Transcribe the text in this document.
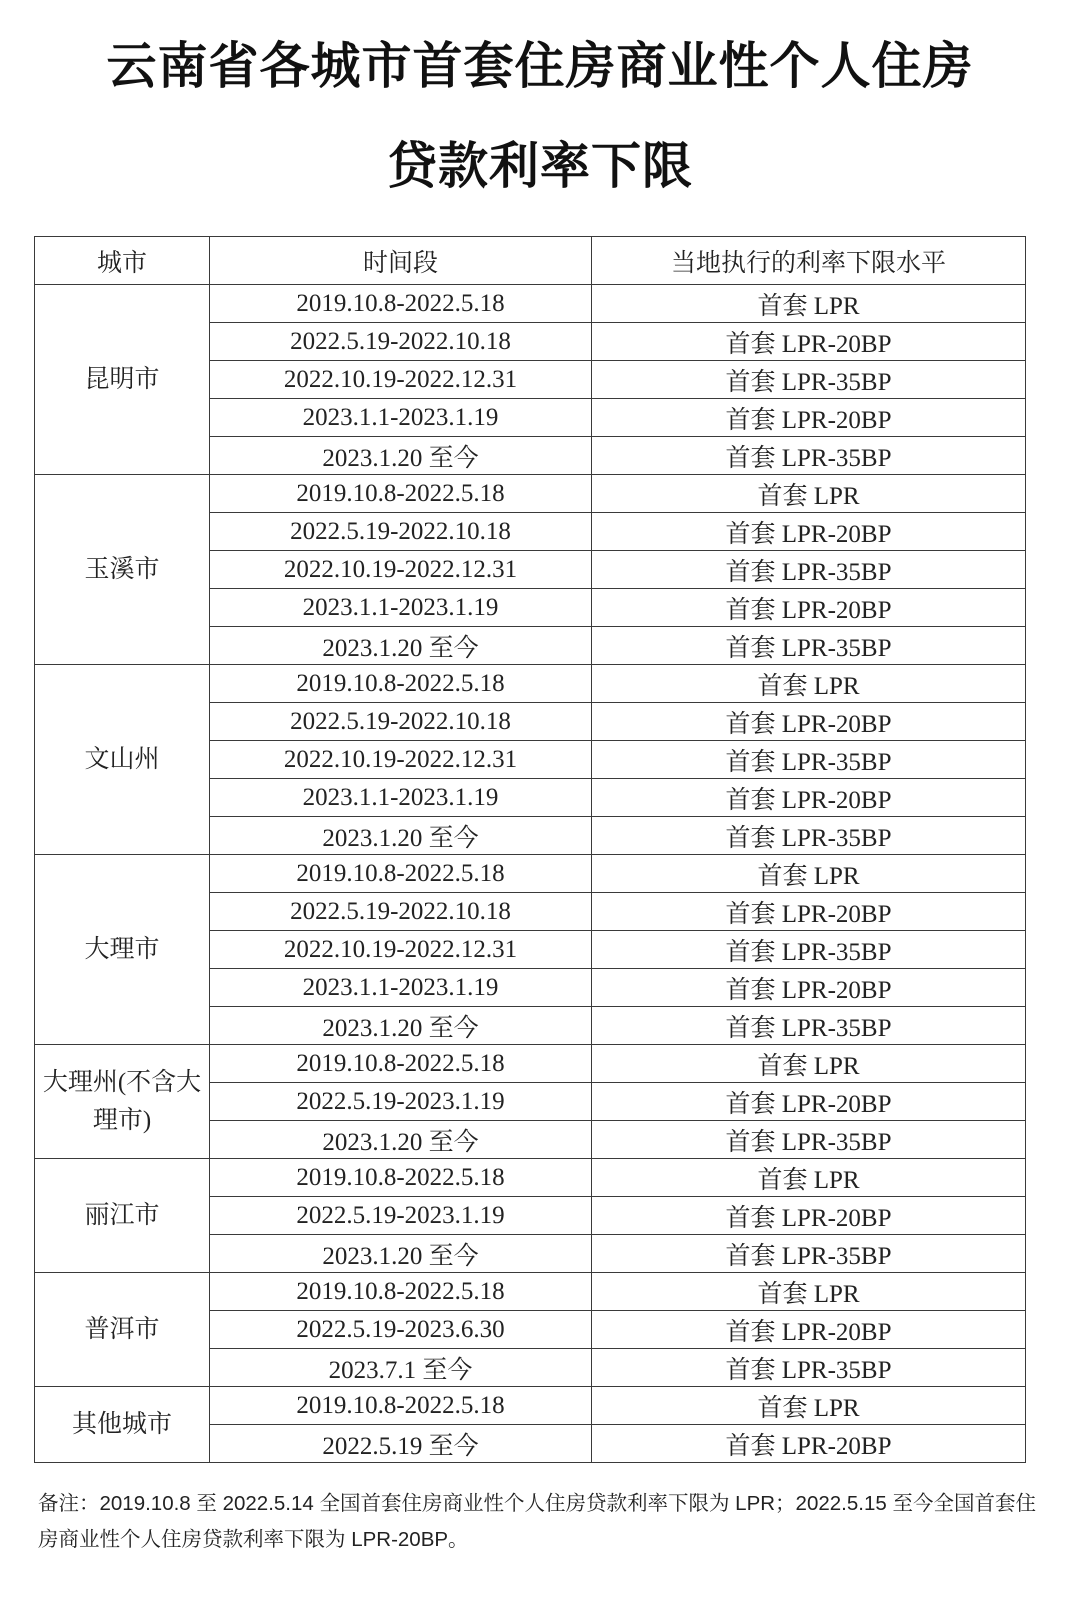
云南省各城市首套住房商业性个人住房
贷款利率下限
城市	时间段	当地执行的利率下限水平
昆明市	2019.10.8-2022.5.18	首套 LPR
	2022.5.19-2022.10.18	首套 LPR-20BP
	2022.10.19-2022.12.31	首套 LPR-35BP
	2023.1.1-2023.1.19	首套 LPR-20BP
	2023.1.20 至今	首套 LPR-35BP
玉溪市	2019.10.8-2022.5.18	首套 LPR
	2022.5.19-2022.10.18	首套 LPR-20BP
	2022.10.19-2022.12.31	首套 LPR-35BP
	2023.1.1-2023.1.19	首套 LPR-20BP
	2023.1.20 至今	首套 LPR-35BP
文山州	2019.10.8-2022.5.18	首套 LPR
	2022.5.19-2022.10.18	首套 LPR-20BP
	2022.10.19-2022.12.31	首套 LPR-35BP
	2023.1.1-2023.1.19	首套 LPR-20BP
	2023.1.20 至今	首套 LPR-35BP
大理市	2019.10.8-2022.5.18	首套 LPR
	2022.5.19-2022.10.18	首套 LPR-20BP
	2022.10.19-2022.12.31	首套 LPR-35BP
	2023.1.1-2023.1.19	首套 LPR-20BP
	2023.1.20 至今	首套 LPR-35BP
大理州(不含大理市)	2019.10.8-2022.5.18	首套 LPR
	2022.5.19-2023.1.19	首套 LPR-20BP
	2023.1.20 至今	首套 LPR-35BP
丽江市	2019.10.8-2022.5.18	首套 LPR
	2022.5.19-2023.1.19	首套 LPR-20BP
	2023.1.20 至今	首套 LPR-35BP
普洱市	2019.10.8-2022.5.18	首套 LPR
	2022.5.19-2023.6.30	首套 LPR-20BP
	2023.7.1 至今	首套 LPR-35BP
其他城市	2019.10.8-2022.5.18	首套 LPR
	2022.5.19 至今	首套 LPR-20BP
备注：2019.10.8 至 2022.5.14 全国首套住房商业性个人住房贷款利率下限为 LPR；2022.5.15 至今全国首套住房商业性个人住房贷款利率下限为 LPR-20BP。
